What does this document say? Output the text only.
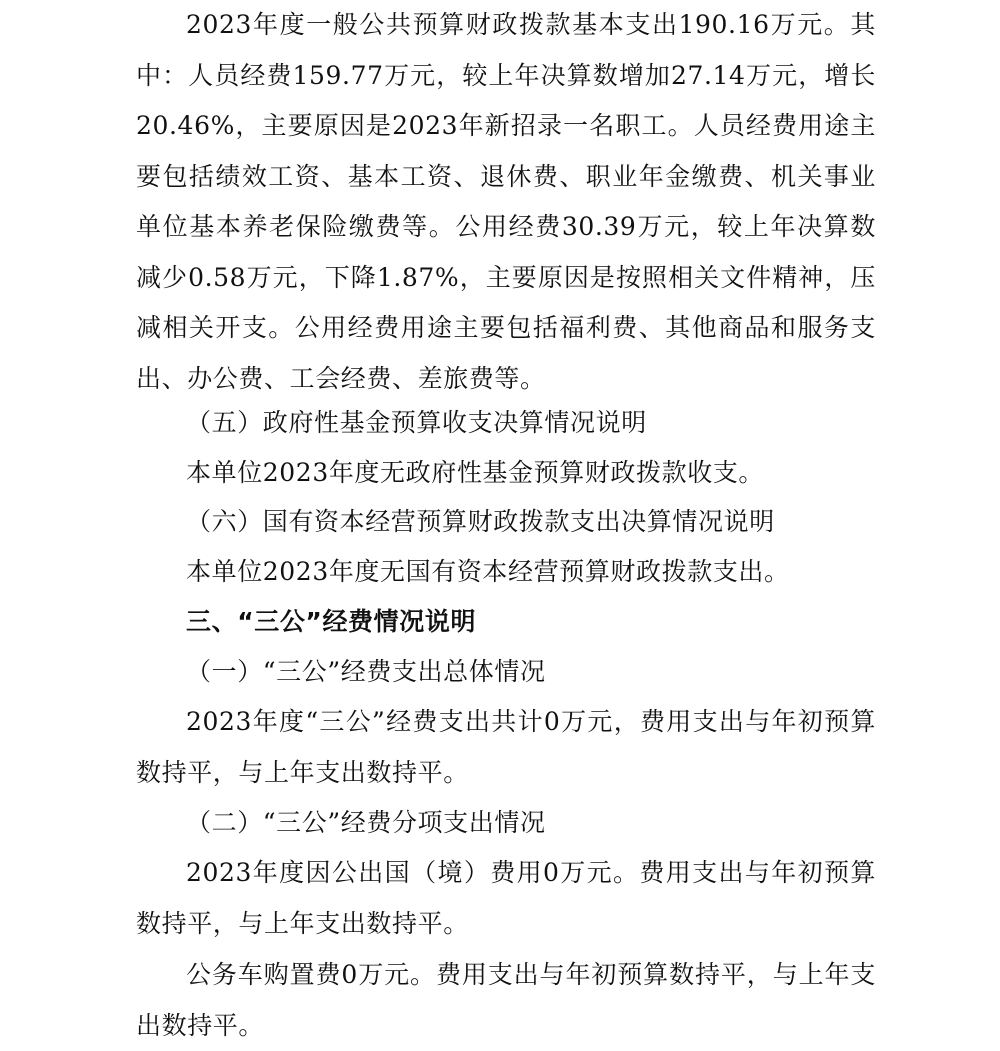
2023年度一般公共预算财政拨款基本支出190.16万元。其中：人员经费159.77万元，较上年决算数增加27.14万元，增长20.46%，主要原因是2023年新招录一名职工。人员经费用途主要包括绩效工资、基本工资、退休费、职业年金缴费、机关事业单位基本养老保险缴费等。公用经费30.39万元，较上年决算数减少0.58万元，下降1.87%，主要原因是按照相关文件精神，压减相关开支。公用经费用途主要包括福利费、其他商品和服务支出、办公费、工会经费、差旅费等。

（五）政府性基金预算收支决算情况说明

本单位2023年度无政府性基金预算财政拨款收支。

（六）国有资本经营预算财政拨款支出决算情况说明

本单位2023年度无国有资本经营预算财政拨款支出。

三、“三公”经费情况说明

（一）“三公”经费支出总体情况

2023年度“三公”经费支出共计0万元，费用支出与年初预算数持平，与上年支出数持平。

（二）“三公”经费分项支出情况

2023年度因公出国（境）费用0万元。费用支出与年初预算数持平，与上年支出数持平。

公务车购置费0万元。费用支出与年初预算数持平，与上年支出数持平。
